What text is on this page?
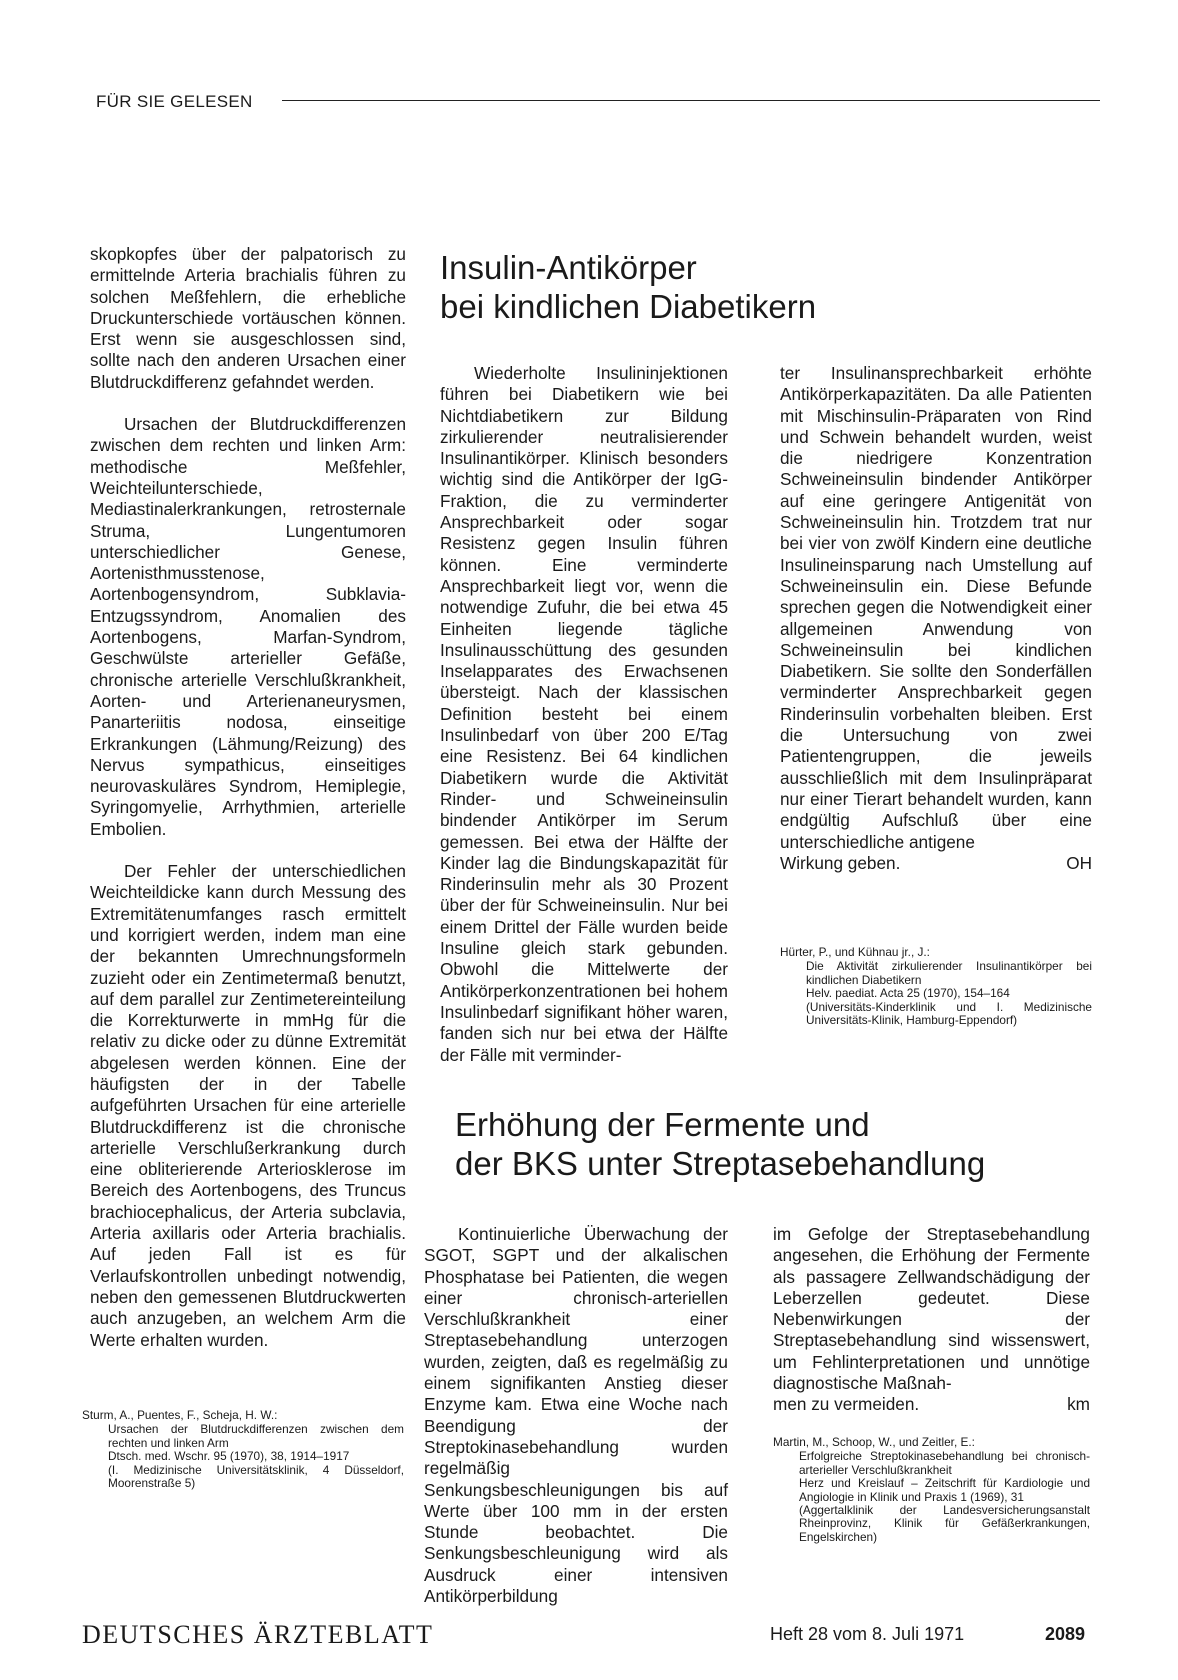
FÜR SIE GELESEN

skopkopfes über der palpatorisch zu ermittelnde Arteria brachialis führen zu solchen Meßfehlern, die erhebliche Druckunterschiede vortäuschen können. Erst wenn sie ausgeschlossen sind, sollte nach den anderen Ursachen einer Blutdruckdifferenz gefahndet werden.

Ursachen der Blutdruckdifferenzen zwischen dem rechten und linken Arm: methodische Meßfehler, Weichteilunterschiede, Mediastinalerkrankungen, retrosternale Struma, Lungentumoren unterschiedlicher Genese, Aortenisthmusstenose, Aortenbogensyndrom, Subklavia-Entzugssyndrom, Anomalien des Aortenbogens, Marfan-Syndrom, Geschwülste arterieller Gefäße, chronische arterielle Verschlußkrankheit, Aorten- und Arterienaneurysmen, Panarteriitis nodosa, einseitige Erkrankungen (Lähmung/Reizung) des Nervus sympathicus, einseitiges neurovaskuläres Syndrom, Hemiplegie, Syringomyelie, Arrhythmien, arterielle Embolien.

Der Fehler der unterschiedlichen Weichteildicke kann durch Messung des Extremitätenumfanges rasch ermittelt und korrigiert werden, indem man eine der bekannten Umrechnungsformeln zuzieht oder ein Zentimetermaß benutzt, auf dem parallel zur Zentimetereinteilung die Korrekturwerte in mmHg für die relativ zu dicke oder zu dünne Extremität abgelesen werden können. Eine der häufigsten der in der Tabelle aufgeführten Ursachen für eine arterielle Blutdruckdifferenz ist die chronische arterielle Verschlußerkrankung durch eine obliterierende Arteriosklerose im Bereich des Aortenbogens, des Truncus brachiocephalicus, der Arteria subclavia, Arteria axillaris oder Arteria brachialis. Auf jeden Fall ist es für Verlaufskontrollen unbedingt notwendig, neben den gemessenen Blutdruckwerten auch anzugeben, an welchem Arm die Werte erhalten wurden.

Sturm, A., Puentes, F., Scheja, H. W.:
Ursachen der Blutdruckdifferenzen zwischen dem rechten und linken Arm
Dtsch. med. Wschr. 95 (1970), 38, 1914–1917
(I. Medizinische Universitätsklinik, 4 Düsseldorf, Moorenstraße 5)
Insulin-Antikörper
bei kindlichen Diabetikern
Wiederholte Insulininjektionen führen bei Diabetikern wie bei Nichtdiabetikern zur Bildung zirkulierender neutralisierender Insulinantikörper. Klinisch besonders wichtig sind die Antikörper der IgG-Fraktion, die zu verminderter Ansprechbarkeit oder sogar Resistenz gegen Insulin führen können. Eine verminderte Ansprechbarkeit liegt vor, wenn die notwendige Zufuhr, die bei etwa 45 Einheiten liegende tägliche Insulinausschüttung des gesunden Inselapparates des Erwachsenen übersteigt. Nach der klassischen Definition besteht bei einem Insulinbedarf von über 200 E/Tag eine Resistenz. Bei 64 kindlichen Diabetikern wurde die Aktivität Rinder- und Schweineinsulin bindender Antikörper im Serum gemessen. Bei etwa der Hälfte der Kinder lag die Bindungskapazität für Rinderinsulin mehr als 30 Prozent über der für Schweineinsulin. Nur bei einem Drittel der Fälle wurden beide Insuline gleich stark gebunden. Obwohl die Mittelwerte der Antikörperkonzentrationen bei hohem Insulinbedarf signifikant höher waren, fanden sich nur bei etwa der Hälfte der Fälle mit verminder-
ter Insulinansprechbarkeit erhöhte Antikörperkapazitäten. Da alle Patienten mit Mischinsulin-Präparaten von Rind und Schwein behandelt wurden, weist die niedrigere Konzentration Schweineinsulin bindender Antikörper auf eine geringere Antigenität von Schweineinsulin hin. Trotzdem trat nur bei vier von zwölf Kindern eine deutliche Insulineinsparung nach Umstellung auf Schweineinsulin ein. Diese Befunde sprechen gegen die Notwendigkeit einer allgemeinen Anwendung von Schweineinsulin bei kindlichen Diabetikern. Sie sollte den Sonderfällen verminderter Ansprechbarkeit gegen Rinderinsulin vorbehalten bleiben. Erst die Untersuchung von zwei Patientengruppen, die jeweils ausschließlich mit dem Insulinpräparat nur einer Tierart behandelt wurden, kann endgültig Aufschluß über eine unterschiedliche antigene
Wirkung geben.	OH
Hürter, P., und Kühnau jr., J.:
Die Aktivität zirkulierender Insulinantikörper bei kindlichen Diabetikern
Helv. paediat. Acta 25 (1970), 154–164
(Universitäts-Kinderklinik und I. Medizinische Universitäts-Klinik, Hamburg-Eppendorf)
Erhöhung der Fermente und
der BKS unter Streptasebehandlung
Kontinuierliche Überwachung der SGOT, SGPT und der alkalischen Phosphatase bei Patienten, die wegen einer chronisch-arteriellen Verschlußkrankheit einer Streptasebehandlung unterzogen wurden, zeigten, daß es regelmäßig zu einem signifikanten Anstieg dieser Enzyme kam. Etwa eine Woche nach Beendigung der Streptokinasebehandlung wurden regelmäßig Senkungsbeschleunigungen bis auf Werte über 100 mm in der ersten Stunde beobachtet. Die Senkungsbeschleunigung wird als Ausdruck einer intensiven Antikörperbildung
im Gefolge der Streptasebehandlung angesehen, die Erhöhung der Fermente als passagere Zellwandschädigung der Leberzellen gedeutet. Diese Nebenwirkungen der Streptasebehandlung sind wissenswert, um Fehlinterpretationen und unnötige diagnostische Maßnah-
men zu vermeiden.	km
Martin, M., Schoop, W., und Zeitler, E.:
Erfolgreiche Streptokinasebehandlung bei chronisch-arterieller Verschlußkrankheit
Herz und Kreislauf – Zeitschrift für Kardiologie und Angiologie in Klinik und Praxis 1 (1969), 31
(Aggertalklinik der Landesversicherungsanstalt Rheinprovinz, Klinik für Gefäßerkrankungen, Engelskirchen)
DEUTSCHES ÄRZTEBLATT	Heft 28 vom 8. Juli 1971	2089
